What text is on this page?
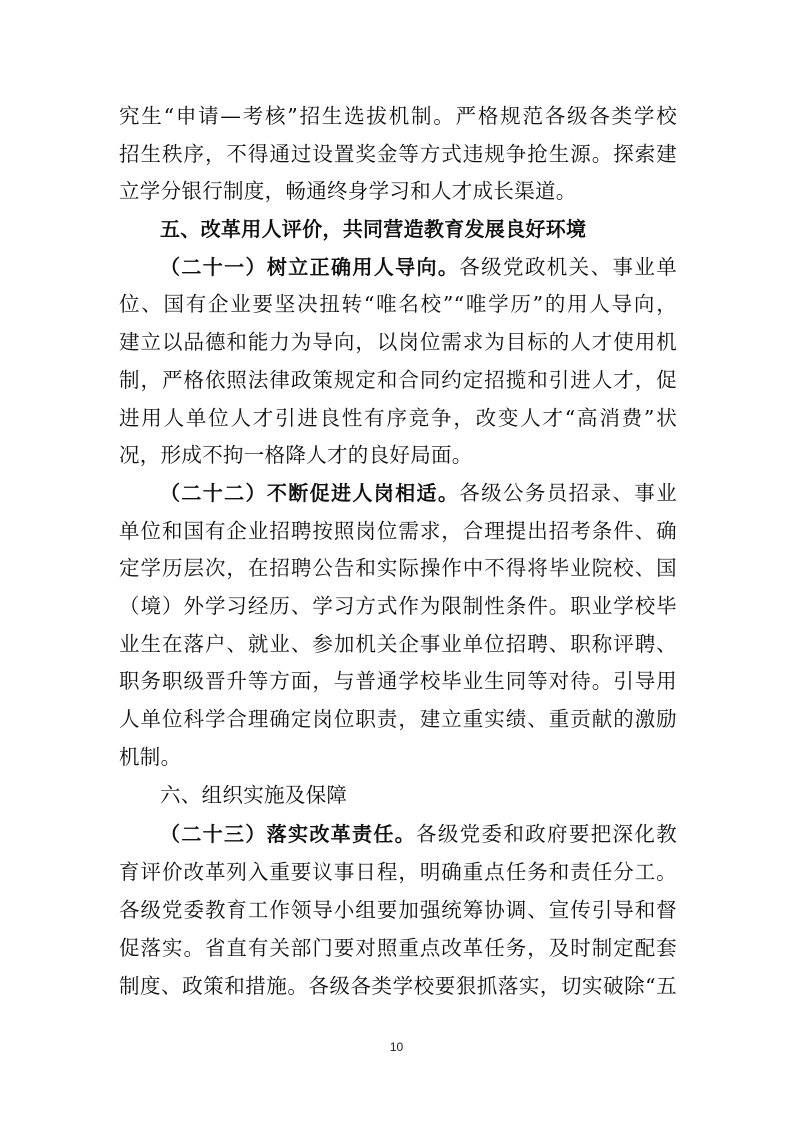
究生“申请—考核”招生选拔机制。严格规范各级各类学校
招生秩序，不得通过设置奖金等方式违规争抢生源。探索建
立学分银行制度，畅通终身学习和人才成长渠道。
五、改革用人评价，共同营造教育发展良好环境
（二十一）树立正确用人导向。各级党政机关、事业单
位、国有企业要坚决扭转“唯名校”“唯学历”的用人导向，
建立以品德和能力为导向，以岗位需求为目标的人才使用机
制，严格依照法律政策规定和合同约定招揽和引进人才，促
进用人单位人才引进良性有序竞争，改变人才“高消费”状
况，形成不拘一格降人才的良好局面。
（二十二）不断促进人岗相适。各级公务员招录、事业
单位和国有企业招聘按照岗位需求，合理提出招考条件、确
定学历层次，在招聘公告和实际操作中不得将毕业院校、国
（境）外学习经历、学习方式作为限制性条件。职业学校毕
业生在落户、就业、参加机关企事业单位招聘、职称评聘、
职务职级晋升等方面，与普通学校毕业生同等对待。引导用
人单位科学合理确定岗位职责，建立重实绩、重贡献的激励
机制。
六、组织实施及保障
（二十三）落实改革责任。各级党委和政府要把深化教
育评价改革列入重要议事日程，明确重点任务和责任分工。
各级党委教育工作领导小组要加强统筹协调、宣传引导和督
促落实。省直有关部门要对照重点改革任务，及时制定配套
制度、政策和措施。各级各类学校要狠抓落实，切实破除“五
10
